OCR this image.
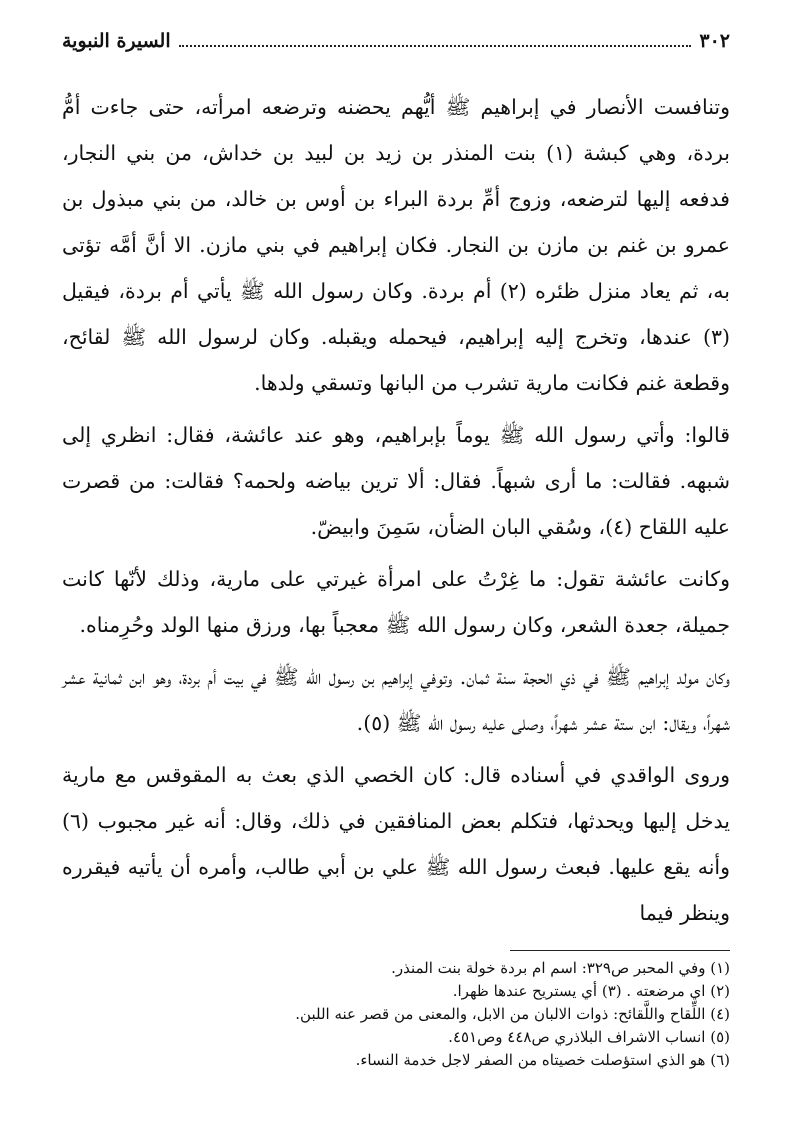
٣٠٢
السيرة النبوية

وتنافست الأنصار في إبراهيم ﷺ أيُّهم يحضنه وترضعه امرأته، حتى جاءت أمُّ بردة، وهي كبشة (١) بنت المنذر بن زيد بن لبيد بن خداش، من بني النجار، فدفعه إليها لترضعه، وزوج أمِّ بردة البراء بن أوس بن خالد، من بني مبذول بن عمرو بن غنم بن مازن بن النجار. فكان إبراهيم في بني مازن. الا أنَّ أمَّه تؤتى به، ثم يعاد منزل ظئره (٢) أم بردة. وكان رسول الله ﷺ يأتي أم بردة، فيقيل (٣) عندها، وتخرج إليه إبراهيم، فيحمله ويقبله. وكان لرسول الله ﷺ لقائح، وقطعة غنم فكانت مارية تشرب من البانها وتسقي ولدها.

قالوا: وأتي رسول الله ﷺ يوماً بإبراهيم، وهو عند عائشة، فقال: انظري إلى شبهه. فقالت: ما أرى شبهاً. فقال: ألا ترين بياضه ولحمه؟ فقالت: من قصرت عليه اللقاح (٤)، وسُقي البان الضأن، سَمِنَ وابيضّ.

وكانت عائشة تقول: ما غِرْتُ على امرأة غيرتي على مارية، وذلك لأنّها كانت جميلة، جعدة الشعر، وكان رسول الله ﷺ معجباً بها، ورزق منها الولد وحُرِمناه.

وكان مولد إبراهيم ﷺ في ذي الحجة سنة ثمان. وتوفي إبراهيم بن رسول الله ﷺ في بيت أم بردة، وهو ابن ثمانية عشر شهراً، ويقال: ابن ستة عشر شهراً، وصلى عليه رسول الله ﷺ (٥).

وروى الواقدي في أسناده قال: كان الخصي الذي بعث به المقوقس مع مارية يدخل إليها ويحدثها، فتكلم بعض المنافقين في ذلك، وقال: أنه غير مجبوب (٦) وأنه يقع عليها. فبعث رسول الله ﷺ علي بن أبي طالب، وأمره أن يأتيه فيقرره وينظر فيما

(١) وفي المحبر ص٣٢٩: اسم ام بردة خولة بنت المنذر.

(٢) اي مرضعته . (٣) أي يستريح عندها ظهرا.

(٤) اللِّقاح واللَّقائح: ذوات الالبان من الابل، والمعنى من قصر عنه اللبن.

(٥) انساب الاشراف البلاذري ص٤٤٨ وص٤٥١.

(٦) هو الذي استؤصلت خصيتاه من الصفر لاجل خدمة النساء.
